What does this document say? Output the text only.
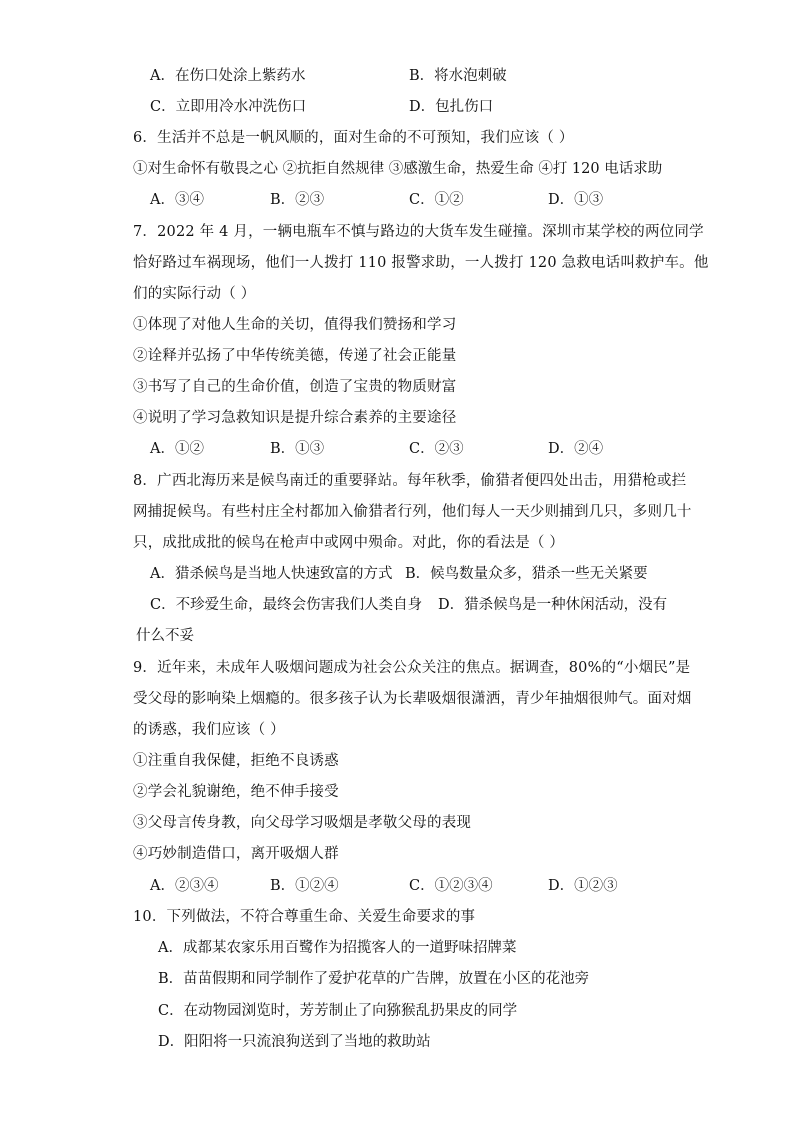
A．在伤口处涂上紫药水	B．将水泡刺破
C．立即用冷水冲洗伤口	D．包扎伤口
6．生活并不总是一帆风顺的，面对生命的不可预知，我们应该（ ）
①对生命怀有敬畏之心 ②抗拒自然规律 ③感激生命，热爱生命 ④打 120 电话求助
A．③④	B．②③	C．①②	D．①③
7．2022 年 4 月，一辆电瓶车不慎与路边的大货车发生碰撞。深圳市某学校的两位同学
恰好路过车祸现场，他们一人拨打 110 报警求助，一人拨打 120 急救电话叫救护车。他
们的实际行动（ ）
①体现了对他人生命的关切，值得我们赞扬和学习
②诠释并弘扬了中华传统美德，传递了社会正能量
③书写了自己的生命价值，创造了宝贵的物质财富
④说明了学习急救知识是提升综合素养的主要途径
A．①②	B．①③	C．②③	D．②④
8．广西北海历来是候鸟南迁的重要驿站。每年秋季，偷猎者便四处出击，用猎枪或拦
网捕捉候鸟。有些村庄全村都加入偷猎者行列，他们每人一天少则捕到几只，多则几十
只，成批成批的候鸟在枪声中或网中殒命。对此，你的看法是（ ）
A．猎杀候鸟是当地人快速致富的方式 B．候鸟数量众多，猎杀一些无关紧要
C．不珍爱生命，最终会伤害我们人类自身 D．猎杀候鸟是一种休闲活动，没有
什么不妥
9．近年来，未成年人吸烟问题成为社会公众关注的焦点。据调查，80%的“小烟民”是
受父母的影响染上烟瘾的。很多孩子认为长辈吸烟很潇洒，青少年抽烟很帅气。面对烟
的诱惑，我们应该（ ）
①注重自我保健，拒绝不良诱惑
②学会礼貌谢绝，绝不伸手接受
③父母言传身教，向父母学习吸烟是孝敬父母的表现
④巧妙制造借口，离开吸烟人群
A．②③④	B．①②④	C．①②③④	D．①②③
10．下列做法，不符合尊重生命、关爱生命要求的事
A．成都某农家乐用百鹭作为招揽客人的一道野味招牌菜
B．苗苗假期和同学制作了爱护花草的广告牌，放置在小区的花池旁
C．在动物园浏览时，芳芳制止了向猕猴乱扔果皮的同学
D．阳阳将一只流浪狗送到了当地的救助站
